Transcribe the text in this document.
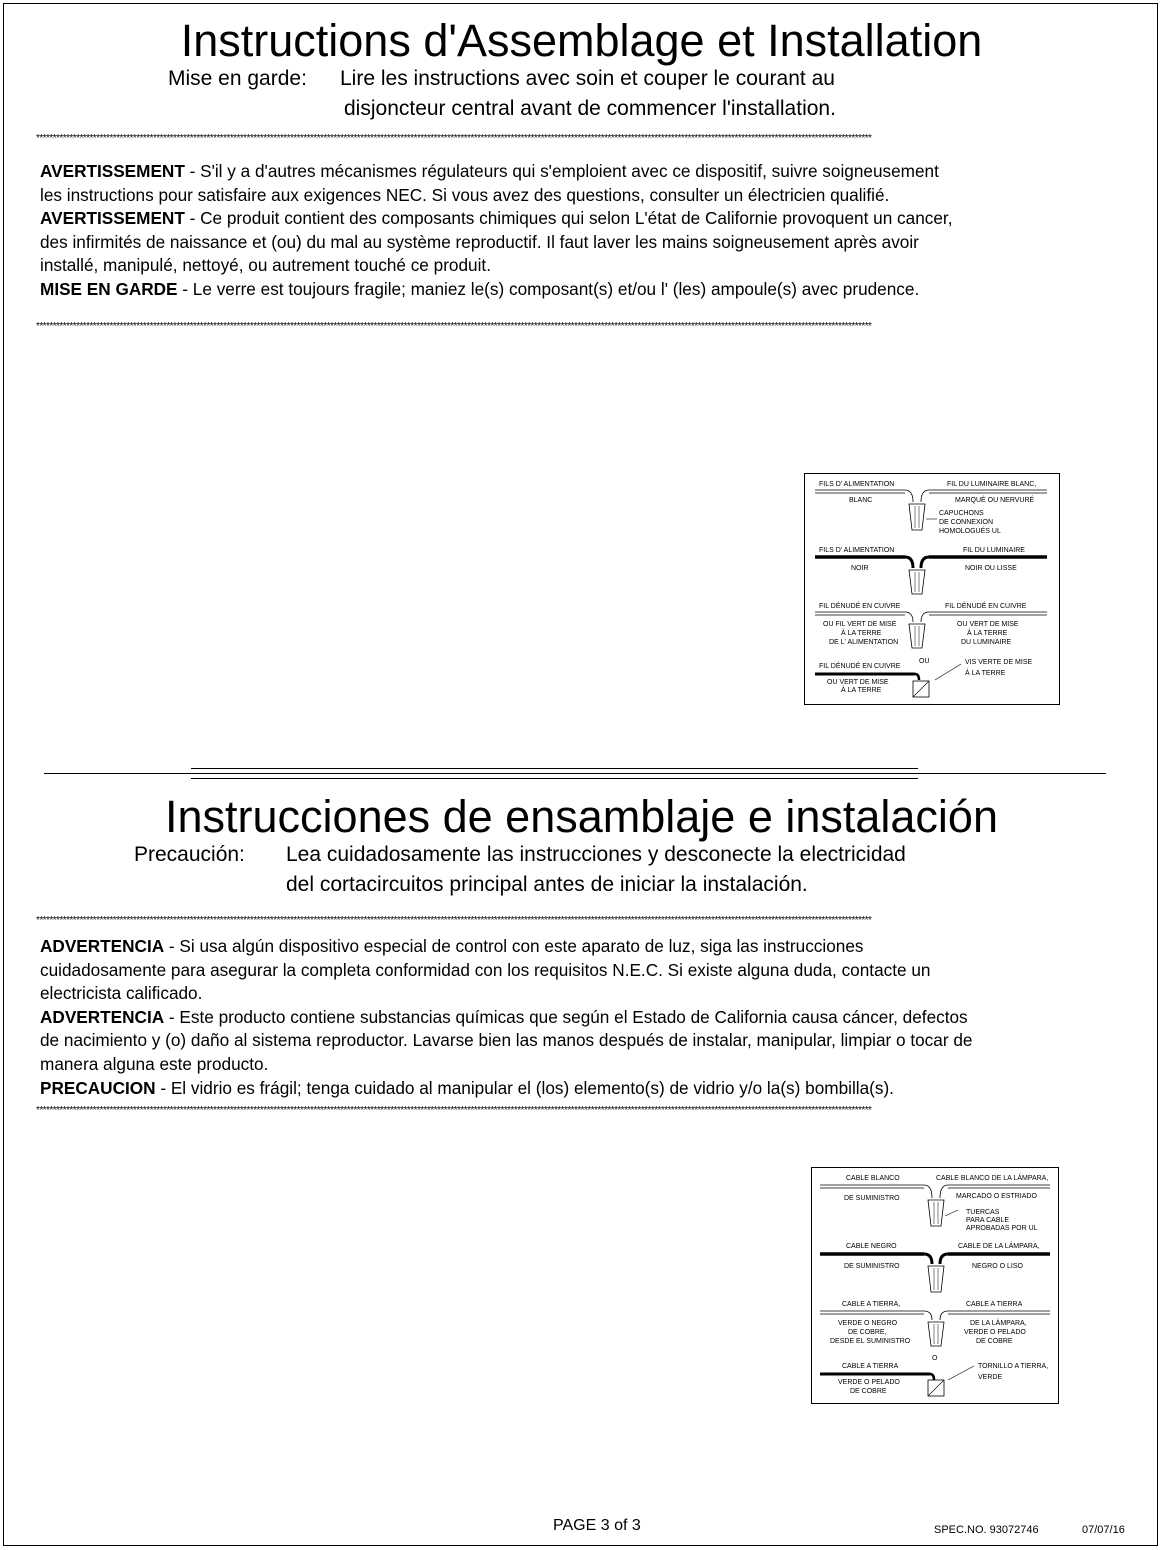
Instructions d'Assemblage et Installation
Mise en garde: Lire les instructions avec soin et couper le courant au
disjoncteur central avant de commencer l'installation.
**********************************************************************************************************************************************************************************************************************************************************

AVERTISSEMENT - S'il y a d'autres mécanismes régulateurs qui s'emploient avec ce dispositif, suivre soigneusement

les instructions pour satisfaire aux exigences NEC. Si vous avez des questions, consulter un électricien qualifié.

AVERTISSEMENT - Ce produit contient des composants chimiques qui selon L'état de Californie provoquent un cancer,

des infirmités de naissance et (ou) du mal au système reproductif. Il faut laver les mains soigneusement après avoir

installé, manipulé, nettoyé, ou autrement touché ce produit.

MISE EN GARDE - Le verre est toujours fragile; maniez le(s) composant(s) et/ou l' (les) ampoule(s) avec prudence.

**********************************************************************************************************************************************************************************************************************************************************
FILS D' ALIMENTATION	FIL DU LUMINAIRE BLANC,
BLANC	MARQUÉ OU NERVURÉ
CAPUCHONS
DE CONNEXION
HOMOLOGUÉS UL
FILS D' ALIMENTATION	FIL DU LUMINAIRE
NOIR	NOIR OU LISSE
FIL DÉNUDÉ EN CUIVRE	FIL DÉNUDÉ EN CUIVRE
OU FIL VERT DE MISE
À LA TERRE
DE L' ALIMENTATION
OU VERT DE MISE
À LA TERRE
DU LUMINAIRE
OU
FIL DÉNUDÉ EN CUIVRE
VIS VERTE DE MISE
À LA TERRE
OU VERT DE MISE
À LA TERRE
Instrucciones de ensamblaje e instalación
Precaución: Lea cuidadosamente las instrucciones y desconecte la electricidad
del cortacircuitos principal antes de iniciar la instalación.
**********************************************************************************************************************************************************************************************************************************************************

ADVERTENCIA - Si usa algún dispositivo especial de control con este aparato de luz, siga las instrucciones

cuidadosamente para asegurar la completa conformidad con los requisitos N.E.C. Si existe alguna duda, contacte un

electricista calificado.

ADVERTENCIA - Este producto contiene substancias químicas que según el Estado de California causa cáncer, defectos

de nacimiento y (o) daño al sistema reproductor. Lavarse bien las manos después de instalar, manipular, limpiar o tocar de

manera alguna este producto.

PRECAUCION - El vidrio es frágil; tenga cuidado al manipular el (los) elemento(s) de vidrio y/o la(s) bombilla(s).

**********************************************************************************************************************************************************************************************************************************************************
CABLE BLANCO	CABLE BLANCO DE LA LÁMPARA,
DE SUMINISTRO	MARCADO O ESTRIADO
TUERCAS
PARA CABLE
APROBADAS POR UL
CABLE NEGRO	CABLE DE LA LÁMPARA,
DE SUMINISTRO	NEGRO O LISO
CABLE A TIERRA,	CABLE A TIERRA
VERDE O NEGRO
DE COBRE,
DESDE EL SUMINISTRO
DE LA LÁMPARA,
VERDE O PELADO
DE COBRE
O
CABLE A TIERRA	TORNILLO A TIERRA,
VERDE
VERDE O PELADO
DE COBRE
PAGE 3 of 3	SPEC.NO. 93072746	07/07/16
